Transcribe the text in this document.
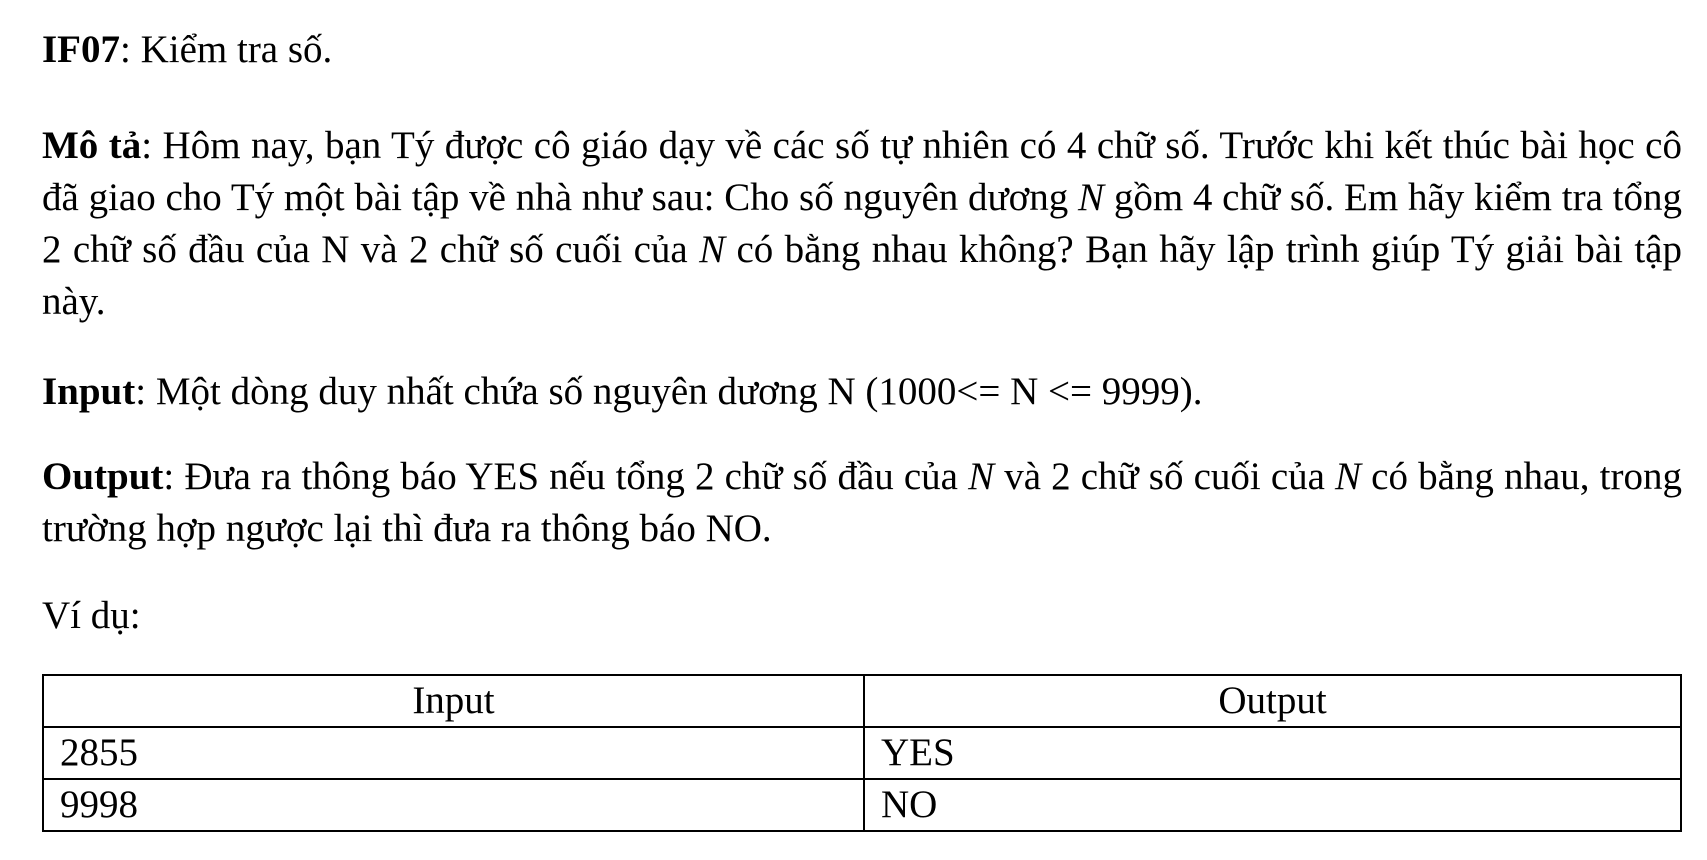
IF07: Kiểm tra số.

Mô tả: Hôm nay, bạn Tý được cô giáo dạy về các số tự nhiên có 4 chữ số. Trước khi kết thúc bài học cô đã giao cho Tý một bài tập về nhà như sau: Cho số nguyên dương N gồm 4 chữ số. Em hãy kiểm tra tổng 2 chữ số đầu của N và 2 chữ số cuối của N có bằng nhau không? Bạn hãy lập trình giúp Tý giải bài tập này.

Input: Một dòng duy nhất chứa số nguyên dương N (1000<= N <= 9999).

Output: Đưa ra thông báo YES nếu tổng 2 chữ số đầu của N và 2 chữ số cuối của N có bằng nhau, trong trường hợp ngược lại thì đưa ra thông báo NO.

Ví dụ:

Input	Output
2855	YES
9998	NO
